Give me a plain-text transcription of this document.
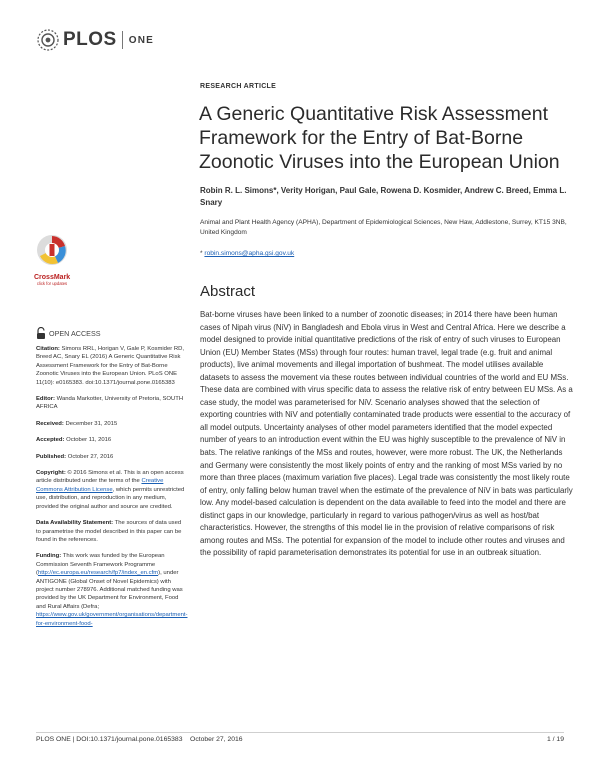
PLOS ONE
RESEARCH ARTICLE
A Generic Quantitative Risk Assessment Framework for the Entry of Bat-Borne Zoonotic Viruses into the European Union
Robin R. L. Simons*, Verity Horigan, Paul Gale, Rowena D. Kosmider, Andrew C. Breed, Emma L. Snary
Animal and Plant Health Agency (APHA), Department of Epidemiological Sciences, New Haw, Addlestone, Surrey, KT15 3NB, United Kingdom
* robin.simons@apha.gsi.gov.uk
Abstract
Bat-borne viruses have been linked to a number of zoonotic diseases; in 2014 there have been human cases of Nipah virus (NiV) in Bangladesh and Ebola virus in West and Central Africa. Here we describe a model designed to provide initial quantitative predictions of the risk of entry of such viruses to European Union (EU) Member States (MSs) through four routes: human travel, legal trade (e.g. fruit and animal products), live animal movements and illegal importation of bushmeat. The model utilises available datasets to assess the movement via these routes between individual countries of the world and EU MSs. These data are combined with virus specific data to assess the relative risk of entry between EU MSs. As a case study, the model was parameterised for NiV. Scenario analyses showed that the selection of exporting countries with NiV and potentially contaminated trade products were essential to the accuracy of all model outputs. Uncertainty analyses of other model parameters identified that the model expected number of years to an introduction event within the EU was highly susceptible to the prevalence of NiV in bats. The relative rankings of the MSs and routes, however, were more robust. The UK, the Netherlands and Germany were consistently the most likely points of entry and the ranking of most MSs varied by no more than three places (maximum variation five places). Legal trade was consistently the most likely route of entry, only falling below human travel when the estimate of the prevalence of NiV in bats was particularly low. Any model-based calculation is dependent on the data available to feed into the model and there are distinct gaps in our knowledge, particularly in regard to various pathogen/virus as well as host/bat characteristics. However, the strengths of this model lie in the provision of relative comparisons of risk among routes and MSs. The potential for expansion of the model to include other routes and viruses and the possibility of rapid parameterisation demonstrates its potential for use in an outbreak situation.
CrossMark
click for updates
OPEN ACCESS

Citation: Simons RRL, Horigan V, Gale P, Kosmider RD, Breed AC, Snary EL (2016) A Generic Quantitative Risk Assessment Framework for the Entry of Bat-Borne Zoonotic Viruses into the European Union. PLoS ONE 11(10): e0165383. doi:10.1371/journal.pone.0165383

Editor: Wanda Markotter, University of Pretoria, SOUTH AFRICA

Received: December 31, 2015

Accepted: October 11, 2016

Published: October 27, 2016

Copyright: © 2016 Simons et al. This is an open access article distributed under the terms of the Creative Commons Attribution License, which permits unrestricted use, distribution, and reproduction in any medium, provided the original author and source are credited.

Data Availability Statement: The sources of data used to parametrise the model described in this paper can be found in the references.

Funding: This work was funded by the European Commission Seventh Framework Programme (http://ec.europa.eu/research/fp7/index_en.cfm), under ANTIGONE (Global Onset of Novel Epidemics) with project number 278976. Additional matched funding was provided by the UK Department for Environment, Food and Rural Affairs (Defra; https://www.gov.uk/government/organisations/department-for-environment-food-

PLOS ONE | DOI:10.1371/journal.pone.0165383    October 27, 2016	1 / 19
